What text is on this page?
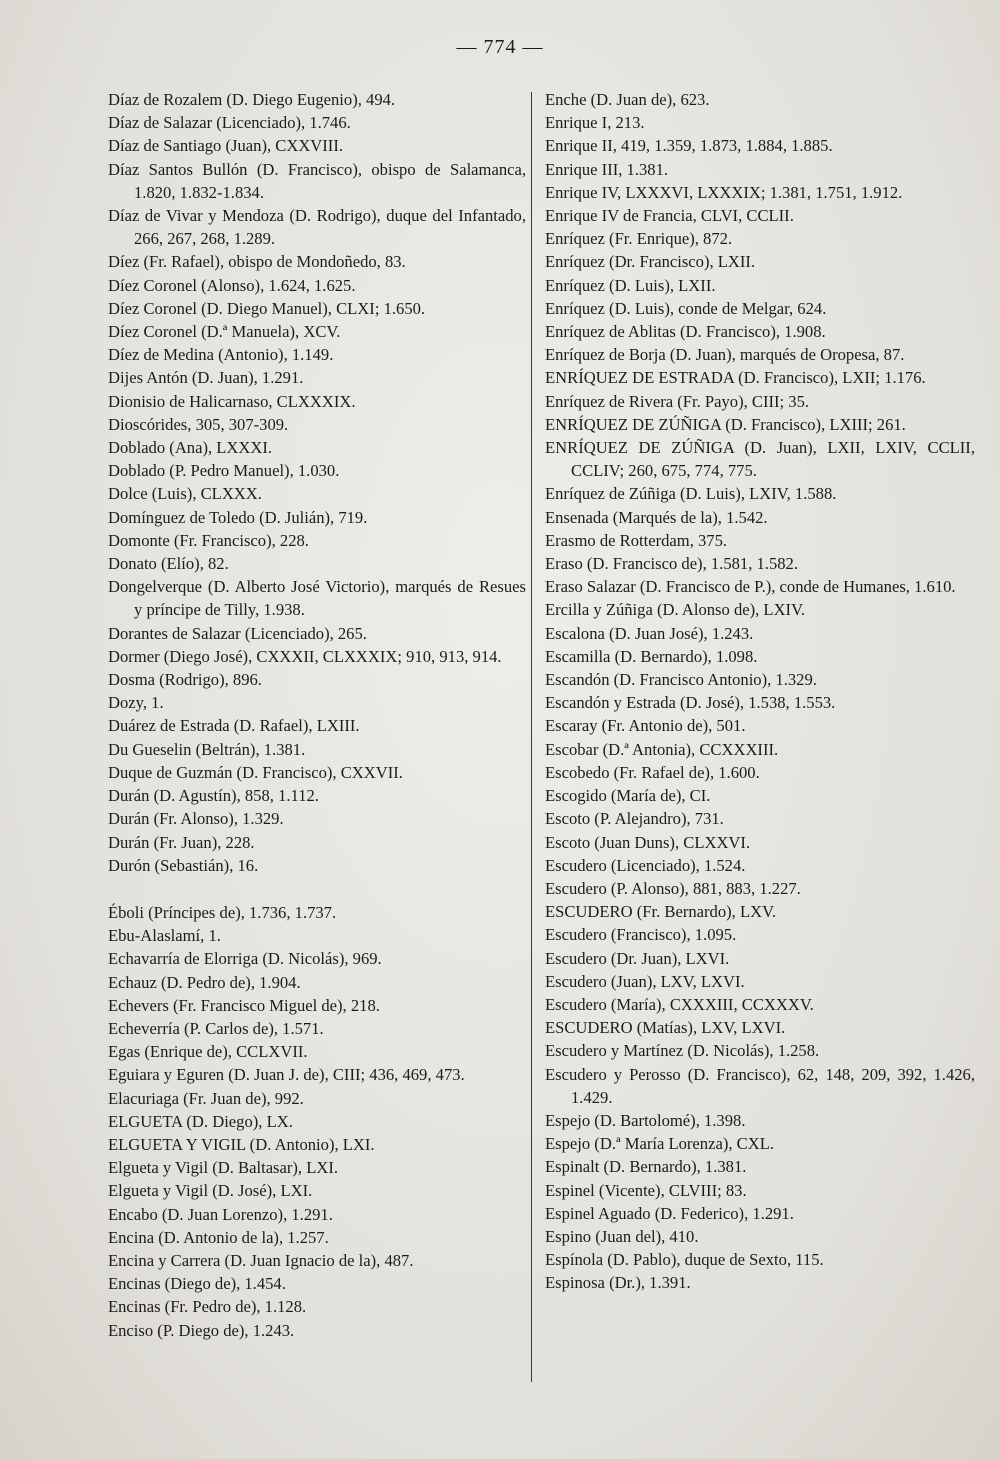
— 774 —

Díaz de Rozalem (D. Diego Eugenio), 494.

Díaz de Salazar (Licenciado), 1.746.

Díaz de Santiago (Juan), CXXVIII.

Díaz Santos Bullón (D. Francisco), obispo de Salamanca, 1.820, 1.832-1.834.

Díaz de Vivar y Mendoza (D. Rodrigo), duque del Infantado, 266, 267, 268, 1.289.

Díez (Fr. Rafael), obispo de Mondoñedo, 83.

Díez Coronel (Alonso), 1.624, 1.625.

Díez Coronel (D. Diego Manuel), CLXI; 1.650.

Díez Coronel (D.ª Manuela), XCV.

Díez de Medina (Antonio), 1.149.

Dijes Antón (D. Juan), 1.291.

Dionisio de Halicarnaso, CLXXXIX.

Dioscórides, 305, 307-309.

Doblado (Ana), LXXXI.

Doblado (P. Pedro Manuel), 1.030.

Dolce (Luis), CLXXX.

Domínguez de Toledo (D. Julián), 719.

Domonte (Fr. Francisco), 228.

Donato (Elío), 82.

Dongelverque (D. Alberto José Victorio), marqués de Resues y príncipe de Tilly, 1.938.

Dorantes de Salazar (Licenciado), 265.

Dormer (Diego José), CXXXII, CLXXXIX; 910, 913, 914.

Dosma (Rodrigo), 896.

Dozy, 1.

Duárez de Estrada (D. Rafael), LXIII.

Du Gueselin (Beltrán), 1.381.

Duque de Guzmán (D. Francisco), CXXVII.

Durán (D. Agustín), 858, 1.112.

Durán (Fr. Alonso), 1.329.

Durán (Fr. Juan), 228.

Durón (Sebastián), 16.

Éboli (Príncipes de), 1.736, 1.737.

Ebu-Alaslamí, 1.

Echavarría de Elorriga (D. Nicolás), 969.

Echauz (D. Pedro de), 1.904.

Echevers (Fr. Francisco Miguel de), 218.

Echeverría (P. Carlos de), 1.571.

Egas (Enrique de), CCLXVII.

Eguiara y Eguren (D. Juan J. de), CIII; 436, 469, 473.

Elacuriaga (Fr. Juan de), 992.

ELGUETA (D. Diego), LX.

ELGUETA Y VIGIL (D. Antonio), LXI.

Elgueta y Vigil (D. Baltasar), LXI.

Elgueta y Vigil (D. José), LXI.

Encabo (D. Juan Lorenzo), 1.291.

Encina (D. Antonio de la), 1.257.

Encina y Carrera (D. Juan Ignacio de la), 487.

Encinas (Diego de), 1.454.

Encinas (Fr. Pedro de), 1.128.

Enciso (P. Diego de), 1.243.

Enche (D. Juan de), 623.

Enrique I, 213.

Enrique II, 419, 1.359, 1.873, 1.884, 1.885.

Enrique III, 1.381.

Enrique IV, LXXXVI, LXXXIX; 1.381, 1.751, 1.912.

Enrique IV de Francia, CLVI, CCLII.

Enríquez (Fr. Enrique), 872.

Enríquez (Dr. Francisco), LXII.

Enríquez (D. Luis), LXII.

Enríquez (D. Luis), conde de Melgar, 624.

Enríquez de Ablitas (D. Francisco), 1.908.

Enríquez de Borja (D. Juan), marqués de Oropesa, 87.

ENRÍQUEZ DE ESTRADA (D. Francisco), LXII; 1.176.

Enríquez de Rivera (Fr. Payo), CIII; 35.

ENRÍQUEZ DE ZÚÑIGA (D. Francisco), LXIII; 261.

ENRÍQUEZ DE ZÚÑIGA (D. Juan), LXII, LXIV, CCLII, CCLIV; 260, 675, 774, 775.

Enríquez de Zúñiga (D. Luis), LXIV, 1.588.

Ensenada (Marqués de la), 1.542.

Erasmo de Rotterdam, 375.

Eraso (D. Francisco de), 1.581, 1.582.

Eraso Salazar (D. Francisco de P.), conde de Humanes, 1.610.

Ercilla y Zúñiga (D. Alonso de), LXIV.

Escalona (D. Juan José), 1.243.

Escamilla (D. Bernardo), 1.098.

Escandón (D. Francisco Antonio), 1.329.

Escandón y Estrada (D. José), 1.538, 1.553.

Escaray (Fr. Antonio de), 501.

Escobar (D.ª Antonia), CCXXXIII.

Escobedo (Fr. Rafael de), 1.600.

Escogido (María de), CI.

Escoto (P. Alejandro), 731.

Escoto (Juan Duns), CLXXVI.

Escudero (Licenciado), 1.524.

Escudero (P. Alonso), 881, 883, 1.227.

ESCUDERO (Fr. Bernardo), LXV.

Escudero (Francisco), 1.095.

Escudero (Dr. Juan), LXVI.

Escudero (Juan), LXV, LXVI.

Escudero (María), CXXXIII, CCXXXV.

ESCUDERO (Matías), LXV, LXVI.

Escudero y Martínez (D. Nicolás), 1.258.

Escudero y Perosso (D. Francisco), 62, 148, 209, 392, 1.426, 1.429.

Espejo (D. Bartolomé), 1.398.

Espejo (D.ª María Lorenza), CXL.

Espinalt (D. Bernardo), 1.381.

Espinel (Vicente), CLVIII; 83.

Espinel Aguado (D. Federico), 1.291.

Espino (Juan del), 410.

Espínola (D. Pablo), duque de Sexto, 115.

Espinosa (Dr.), 1.391.
